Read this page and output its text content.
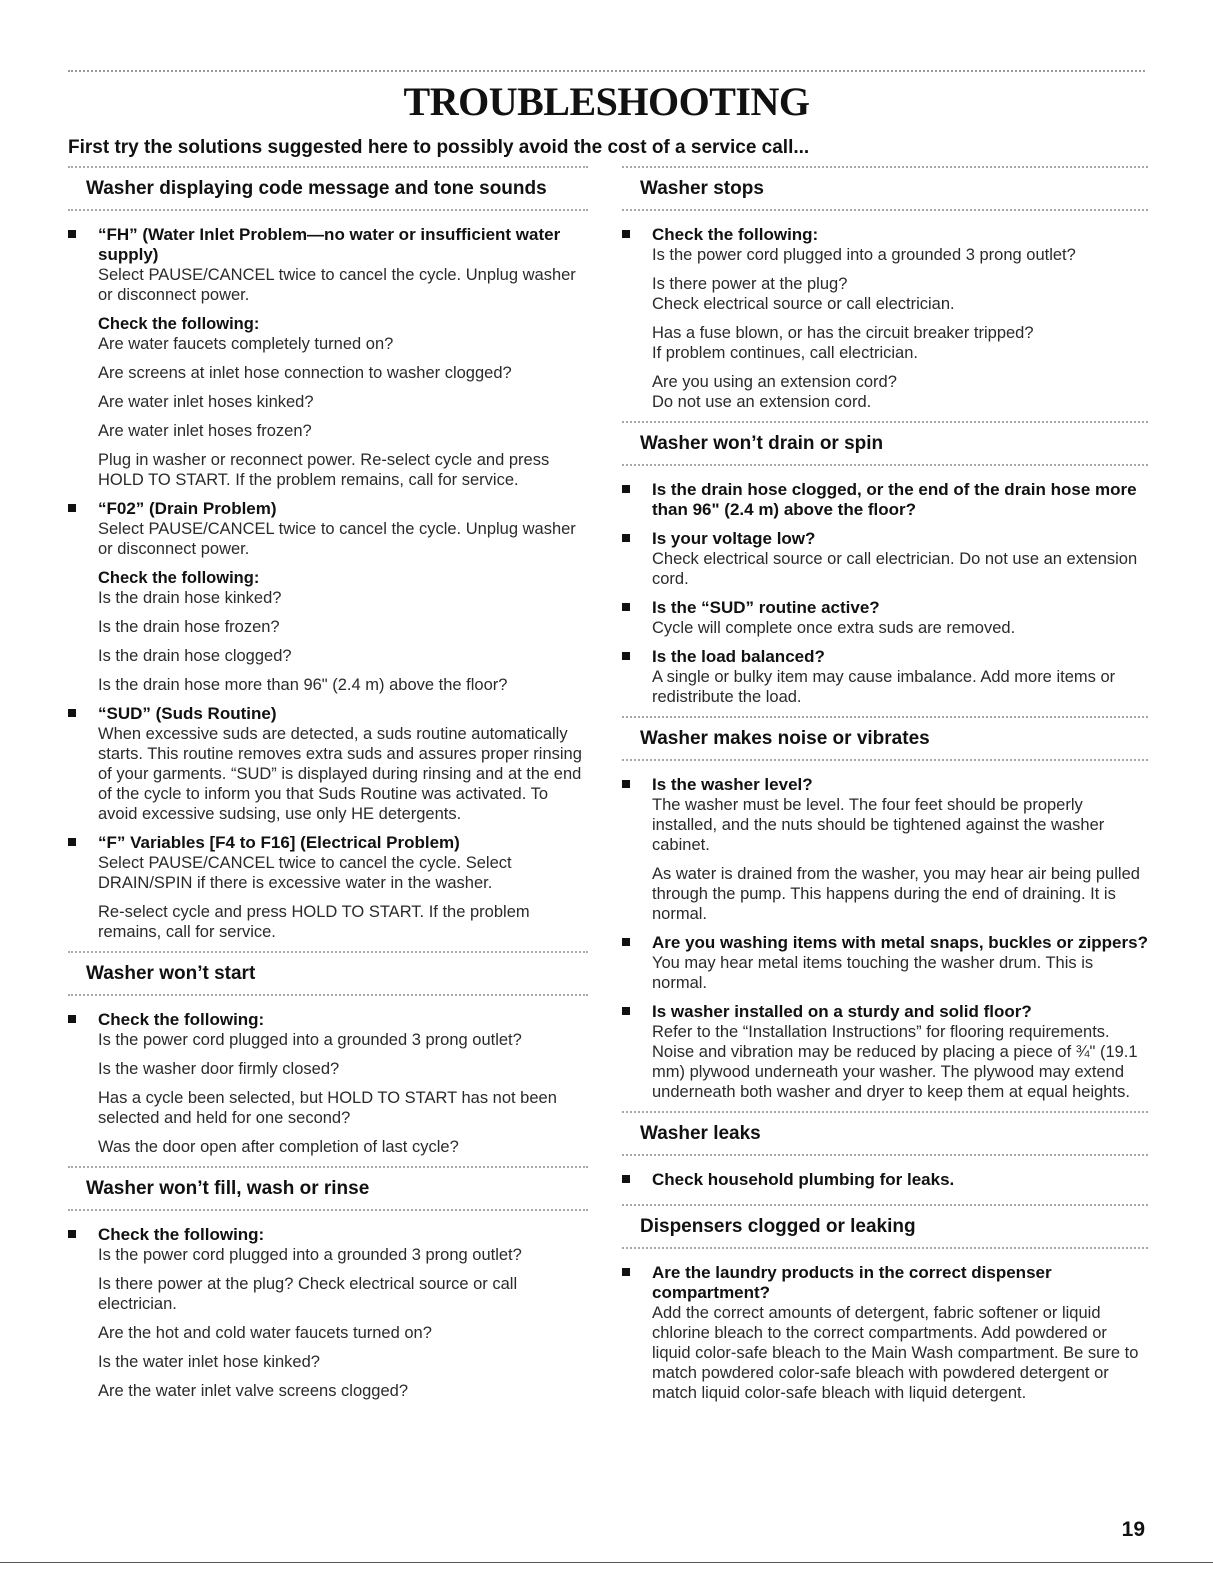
TROUBLESHOOTING
First try the solutions suggested here to possibly avoid the cost of a service call...
Washer displaying code message and tone sounds
“FH” (Water Inlet Problem—no water or insufficient water supply)

Select PAUSE/CANCEL twice to cancel the cycle. Unplug washer or disconnect power.

Check the following:

Are water faucets completely turned on?

Are screens at inlet hose connection to washer clogged?

Are water inlet hoses kinked?

Are water inlet hoses frozen?

Plug in washer or reconnect power. Re-select cycle and press HOLD TO START. If the problem remains, call for service.

“F02” (Drain Problem)

Select PAUSE/CANCEL twice to cancel the cycle. Unplug washer or disconnect power.

Check the following:

Is the drain hose kinked?

Is the drain hose frozen?

Is the drain hose clogged?

Is the drain hose more than 96" (2.4 m) above the floor?

“SUD” (Suds Routine)

When excessive suds are detected, a suds routine automatically starts. This routine removes extra suds and assures proper rinsing of your garments. “SUD” is displayed during rinsing and at the end of the cycle to inform you that Suds Routine was activated. To avoid excessive sudsing, use only HE detergents.

“F” Variables [F4 to F16] (Electrical Problem)

Select PAUSE/CANCEL twice to cancel the cycle. Select DRAIN/SPIN if there is excessive water in the washer.

Re-select cycle and press HOLD TO START. If the problem remains, call for service.

Washer won’t start
Check the following:

Is the power cord plugged into a grounded 3 prong outlet?

Is the washer door firmly closed?

Has a cycle been selected, but HOLD TO START has not been selected and held for one second?

Was the door open after completion of last cycle?

Washer won’t fill, wash or rinse
Check the following:

Is the power cord plugged into a grounded 3 prong outlet?

Is there power at the plug? Check electrical source or call electrician.

Are the hot and cold water faucets turned on?

Is the water inlet hose kinked?

Are the water inlet valve screens clogged?

Washer stops
Check the following:

Is the power cord plugged into a grounded 3 prong outlet?

Is there power at the plug?
Check electrical source or call electrician.

Has a fuse blown, or has the circuit breaker tripped?
If problem continues, call electrician.

Are you using an extension cord?
Do not use an extension cord.

Washer won’t drain or spin
Is the drain hose clogged, or the end of the drain hose more than 96" (2.4 m) above the floor?
Is your voltage low?

Check electrical source or call electrician. Do not use an extension cord.

Is the “SUD” routine active?

Cycle will complete once extra suds are removed.

Is the load balanced?

A single or bulky item may cause imbalance. Add more items or redistribute the load.

Washer makes noise or vibrates
Is the washer level?

The washer must be level. The four feet should be properly installed, and the nuts should be tightened against the washer cabinet.

As water is drained from the washer, you may hear air being pulled through the pump. This happens during the end of draining. It is normal.

Are you washing items with metal snaps, buckles or zippers?

You may hear metal items touching the washer drum. This is normal.

Is washer installed on a sturdy and solid floor?

Refer to the “Installation Instructions” for flooring requirements. Noise and vibration may be reduced by placing a piece of ¾" (19.1 mm) plywood underneath your washer. The plywood may extend underneath both washer and dryer to keep them at equal heights.

Washer leaks
Check household plumbing for leaks.
Dispensers clogged or leaking
Are the laundry products in the correct dispenser compartment?

Add the correct amounts of detergent, fabric softener or liquid chlorine bleach to the correct compartments. Add powdered or liquid color-safe bleach to the Main Wash compartment. Be sure to match powdered color-safe bleach with powdered detergent or match liquid color-safe bleach with liquid detergent.

19
